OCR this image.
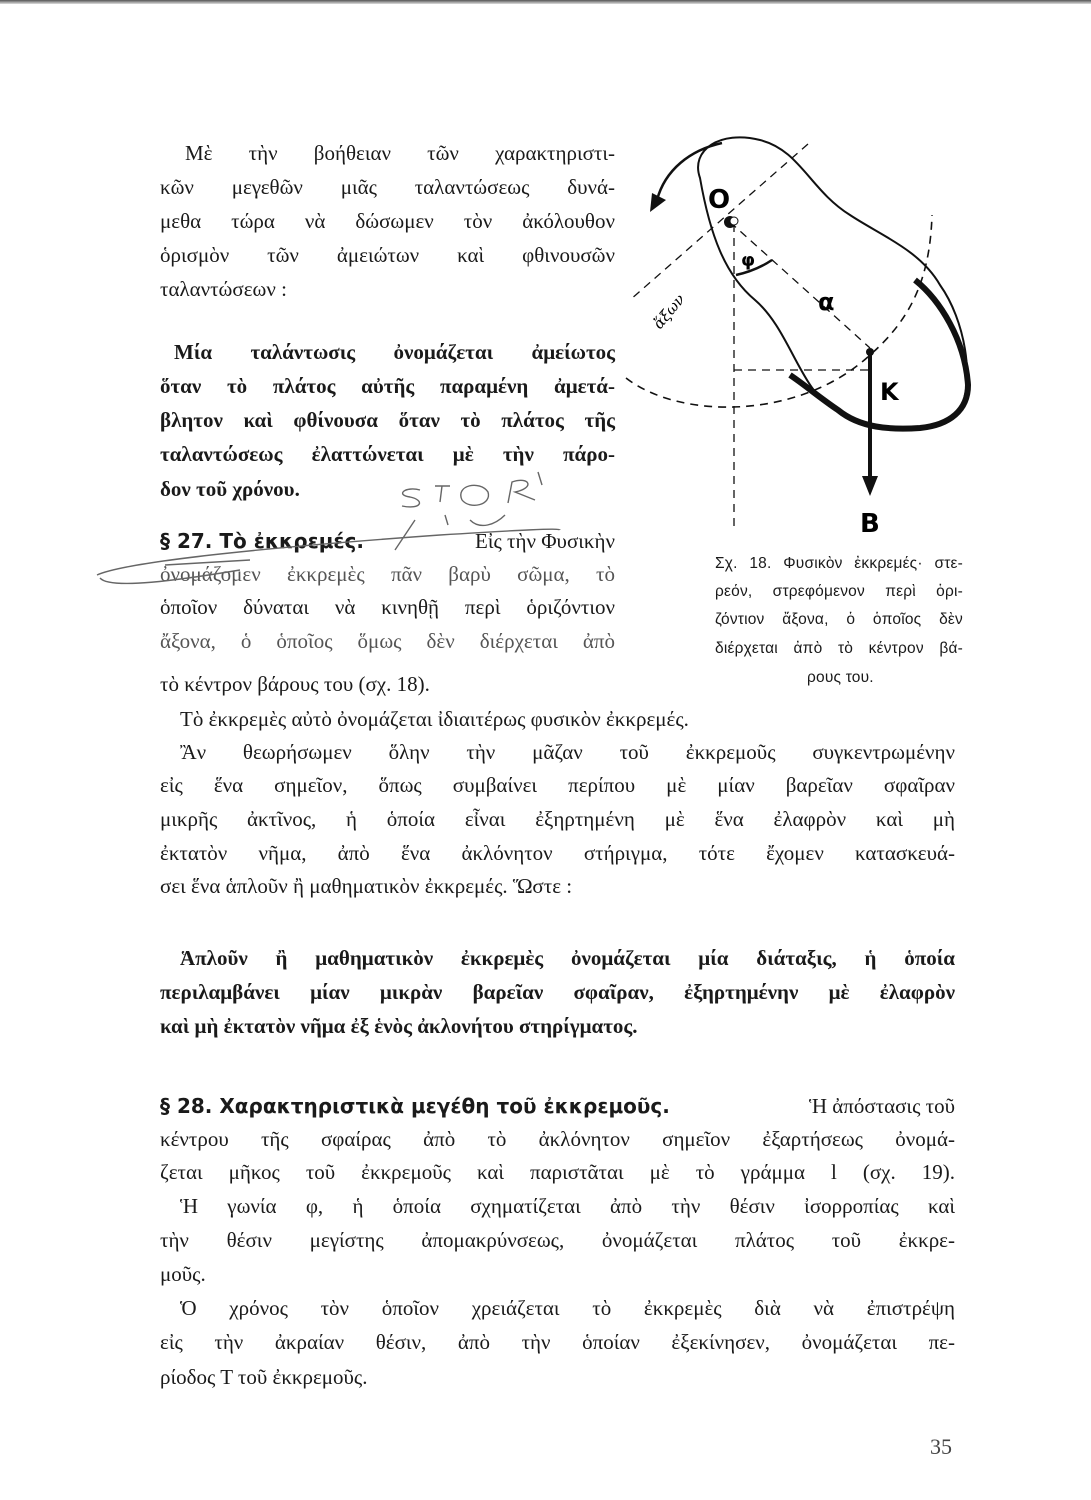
Μὲ τὴν βοήθειαν τῶν χαρακτηριστι-
κῶν μεγεθῶν μιᾶς ταλαντώσεως δυνά-
μεθα τώρα νὰ δώσωμεν τὸν ἀκόλουθον
ὁρισμὸν τῶν ἀμειώτων καὶ φθινουσῶν
ταλαντώσεων :
Μία ταλάντωσις ὀνομάζεται ἀμείωτος
ὅταν τὸ πλάτος αὐτῆς παραμένη ἀμετά-
βλητον καὶ φθίνουσα ὅταν τὸ πλάτος τῆς
ταλαντώσεως ἐλαττώνεται μὲ τὴν πάρο-
δον τοῦ χρόνου.
§ 27. Τὸ ἐκκρεμές.	Εἰς τὴν Φυσικὴν
ὀνομάζομεν ἐκκρεμὲς πᾶν βαρὺ σῶμα, τὸ
ὁποῖον δύναται νὰ κινηθῇ περὶ ὁριζόντιον
ἄξονα, ὁ ὁποῖος ὅμως δὲν διέρχεται ἀπὸ
τὸ κέντρον βάρους του (σχ. 18).
O
φ
α
K
B
ἄξων
Σχ. 18. Φυσικὸν ἐκκρεμές· στε-
ρεόν, στρεφόμενον περὶ ὁρι-
ζόντιον ἄξονα, ὁ ὁποῖος δὲν
διέρχεται ἀπὸ τὸ κέντρον βά-
ρους του.
Τὸ ἐκκρεμὲς αὐτὸ ὀνομάζεται ἰδιαιτέρως φυσικὸν ἐκκρεμές.
Ἂν θεωρήσωμεν ὅλην τὴν μᾶζαν τοῦ ἐκκρεμοῦς συγκεντρωμένην
εἰς ἕνα σημεῖον, ὅπως συμβαίνει περίπου μὲ μίαν βαρεῖαν σφαῖραν
μικρῆς ἀκτῖνος, ἡ ὁποία εἶναι ἐξηρτημένη μὲ ἕνα ἐλαφρὸν καὶ μὴ
ἐκτατὸν νῆμα, ἀπὸ ἕνα ἀκλόνητον στήριγμα, τότε ἔχομεν κατασκευά-
σει ἕνα ἁπλοῦν ἢ μαθηματικὸν ἐκκρεμές. Ὥστε :
Ἁπλοῦν ἢ μαθηματικὸν ἐκκρεμὲς ὀνομάζεται μία διάταξις, ἡ ὁποία
περιλαμβάνει μίαν μικρὰν βαρεῖαν σφαῖραν, ἐξηρτημένην μὲ ἐλαφρὸν
καὶ μὴ ἐκτατὸν νῆμα ἐξ ἑνὸς ἀκλονήτου στηρίγματος.
§ 28. Χαρακτηριστικὰ μεγέθη τοῦ ἐκκρεμοῦς.	Ἡ ἀπόστασις τοῦ
κέντρου τῆς σφαίρας ἀπὸ τὸ ἀκλόνητον σημεῖον ἐξαρτήσεως ὀνομά-
ζεται μῆκος τοῦ ἐκκρεμοῦς καὶ παριστᾶται μὲ τὸ γράμμα l (σχ. 19).
Ἡ γωνία φ, ἡ ὁποία σχηματίζεται ἀπὸ τὴν θέσιν ἰσορροπίας καὶ
τὴν θέσιν μεγίστης ἀπομακρύνσεως, ὀνομάζεται πλάτος τοῦ ἐκκρε-
μοῦς.
Ὁ χρόνος τὸν ὁποῖον χρειάζεται τὸ ἐκκρεμὲς διὰ νὰ ἐπιστρέψη
εἰς τὴν ἀκραίαν θέσιν, ἀπὸ τὴν ὁποίαν ἐξεκίνησεν, ὀνομάζεται πε-
ρίοδος Τ τοῦ ἐκκρεμοῦς.
35
